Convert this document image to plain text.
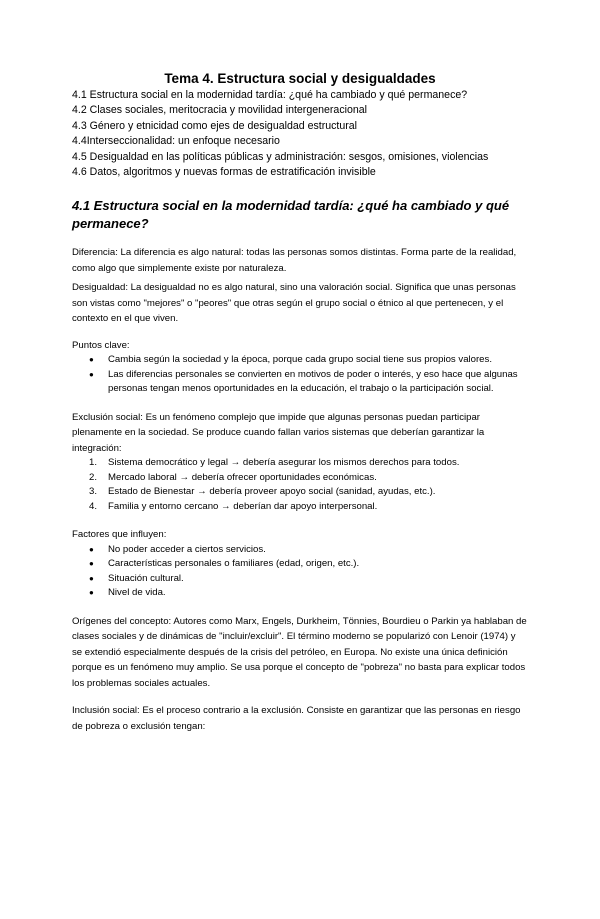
Tema 4. Estructura social y desigualdades
4.1 Estructura social en la modernidad tardía: ¿qué ha cambiado y qué permanece?
4.2 Clases sociales, meritocracia y movilidad intergeneracional
4.3 Género y etnicidad como ejes de desigualdad estructural
4.4Interseccionalidad: un enfoque necesario
4.5 Desigualdad en las políticas públicas y administración: sesgos, omisiones, violencias
4.6 Datos, algoritmos y nuevas formas de estratificación invisible
4.1 Estructura social en la modernidad tardía: ¿qué ha cambiado y qué permanece?

Diferencia: La diferencia es algo natural: todas las personas somos distintas. Forma parte de la realidad, como algo que simplemente existe por naturaleza.

Desigualdad: La desigualdad no es algo natural, sino una valoración social. Significa que unas personas son vistas como "mejores" o "peores" que otras según el grupo social o étnico al que pertenecen, y el contexto en el que viven.

Puntos clave:

● Cambia según la sociedad y la época, porque cada grupo social tiene sus propios valores.
● Las diferencias personales se convierten en motivos de poder o interés, y eso hace que algunas personas tengan menos oportunidades en la educación, el trabajo o la participación social.

Exclusión social: Es un fenómeno complejo que impide que algunas personas puedan participar plenamente en la sociedad. Se produce cuando fallan varios sistemas que deberían garantizar la integración:

1. Sistema democrático y legal → debería asegurar los mismos derechos para todos.
2. Mercado laboral → debería ofrecer oportunidades económicas.
3. Estado de Bienestar → debería proveer apoyo social (sanidad, ayudas, etc.).
4. Familia y entorno cercano → deberían dar apoyo interpersonal.

Factores que influyen:

● No poder acceder a ciertos servicios.
● Características personales o familiares (edad, origen, etc.).
● Situación cultural.
● Nivel de vida.

Orígenes del concepto: Autores como Marx, Engels, Durkheim, Tönnies, Bourdieu o Parkin ya hablaban de clases sociales y de dinámicas de "incluir/excluir". El término moderno se popularizó con Lenoir (1974) y se extendió especialmente después de la crisis del petróleo, en Europa. No existe una única definición porque es un fenómeno muy amplio. Se usa porque el concepto de "pobreza" no basta para explicar todos los problemas sociales actuales.

Inclusión social: Es el proceso contrario a la exclusión. Consiste en garantizar que las personas en riesgo de pobreza o exclusión tengan:
